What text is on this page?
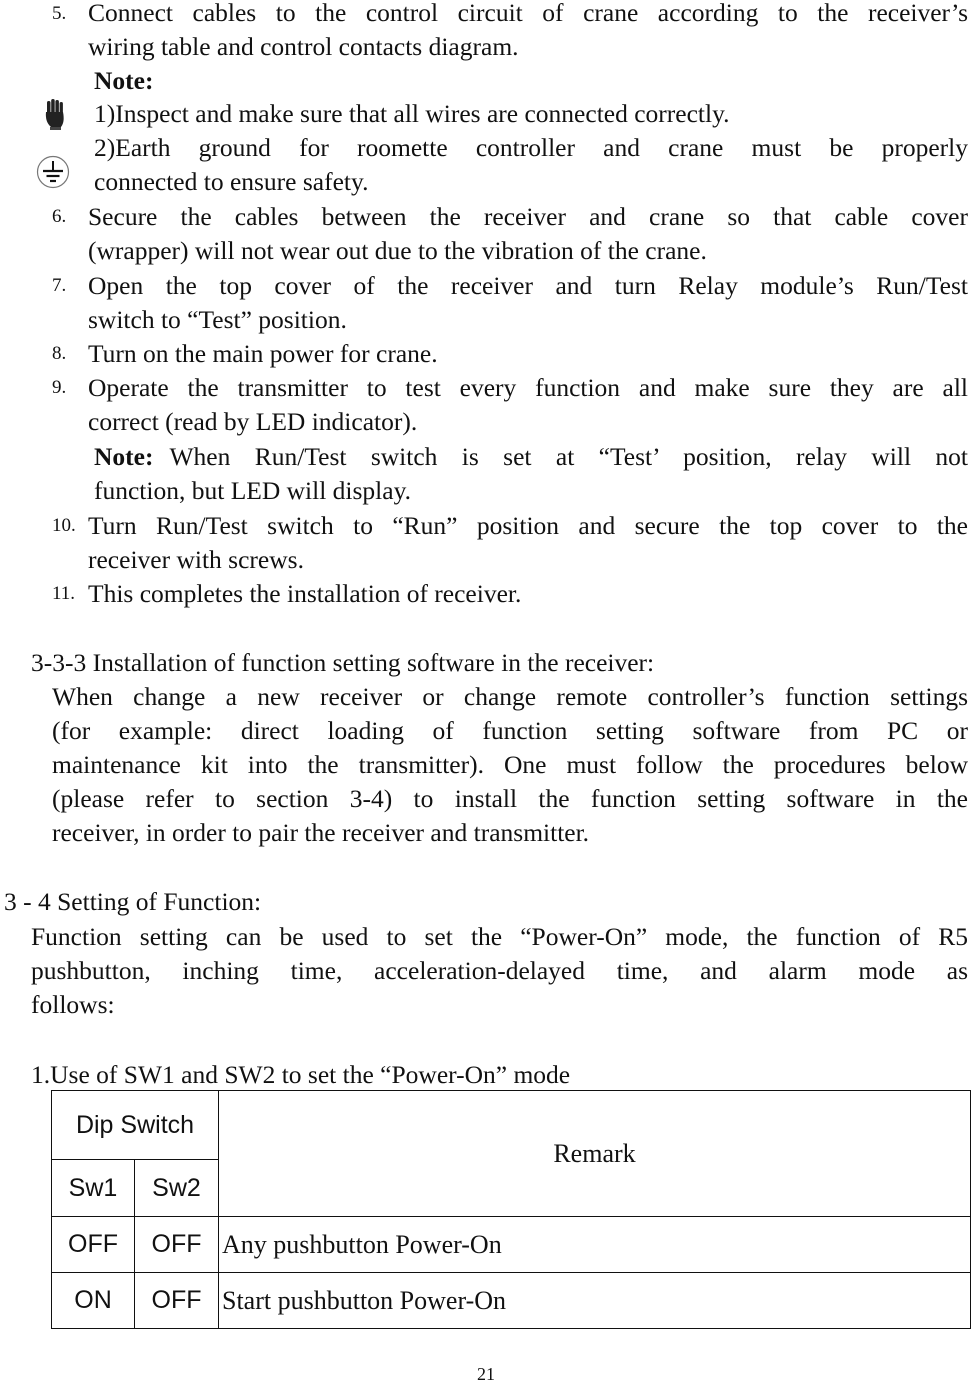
5. Connect cables to the control circuit of crane according to the receiver’s
wiring table and control contacts diagram.
Note:
1)Inspect and make sure that all wires are connected correctly.
2)Earth ground for roomette controller and crane must be properly
connected to ensure safety.
6. Secure the cables between the receiver and crane so that cable cover
(wrapper) will not wear out due to the vibration of the crane.
7. Open the top cover of the receiver and turn Relay module’s Run/Test
switch to “Test” position.
8. Turn on the main power for crane.
9. Operate the transmitter to test every function and make sure they are all
correct (read by LED indicator).
Note: When Run/Test switch is set at “Test’ position, relay will not
function, but LED will display.
10. Turn Run/Test switch to “Run” position and secure the top cover to the
receiver with screws.
11. This completes the installation of receiver.
3-3-3 Installation of function setting software in the receiver:
When change a new receiver or change remote controller’s function settings
(for example: direct loading of function setting software from PC or
maintenance kit into the transmitter). One must follow the procedures below
(please refer to section 3-4) to install the function setting software in the
receiver, in order to pair the receiver and transmitter.
3 - 4 Setting of Function:
Function setting can be used to set the “Power-On” mode, the function of R5
pushbutton, inching time, acceleration-delayed time, and alarm mode as
follows:
1.Use of SW1 and SW2 to set the “Power-On” mode
Dip Switch		Remark
Sw1	Sw2	
OFF	OFF	Any pushbutton Power-On
ON	OFF	Start pushbutton Power-On
21
